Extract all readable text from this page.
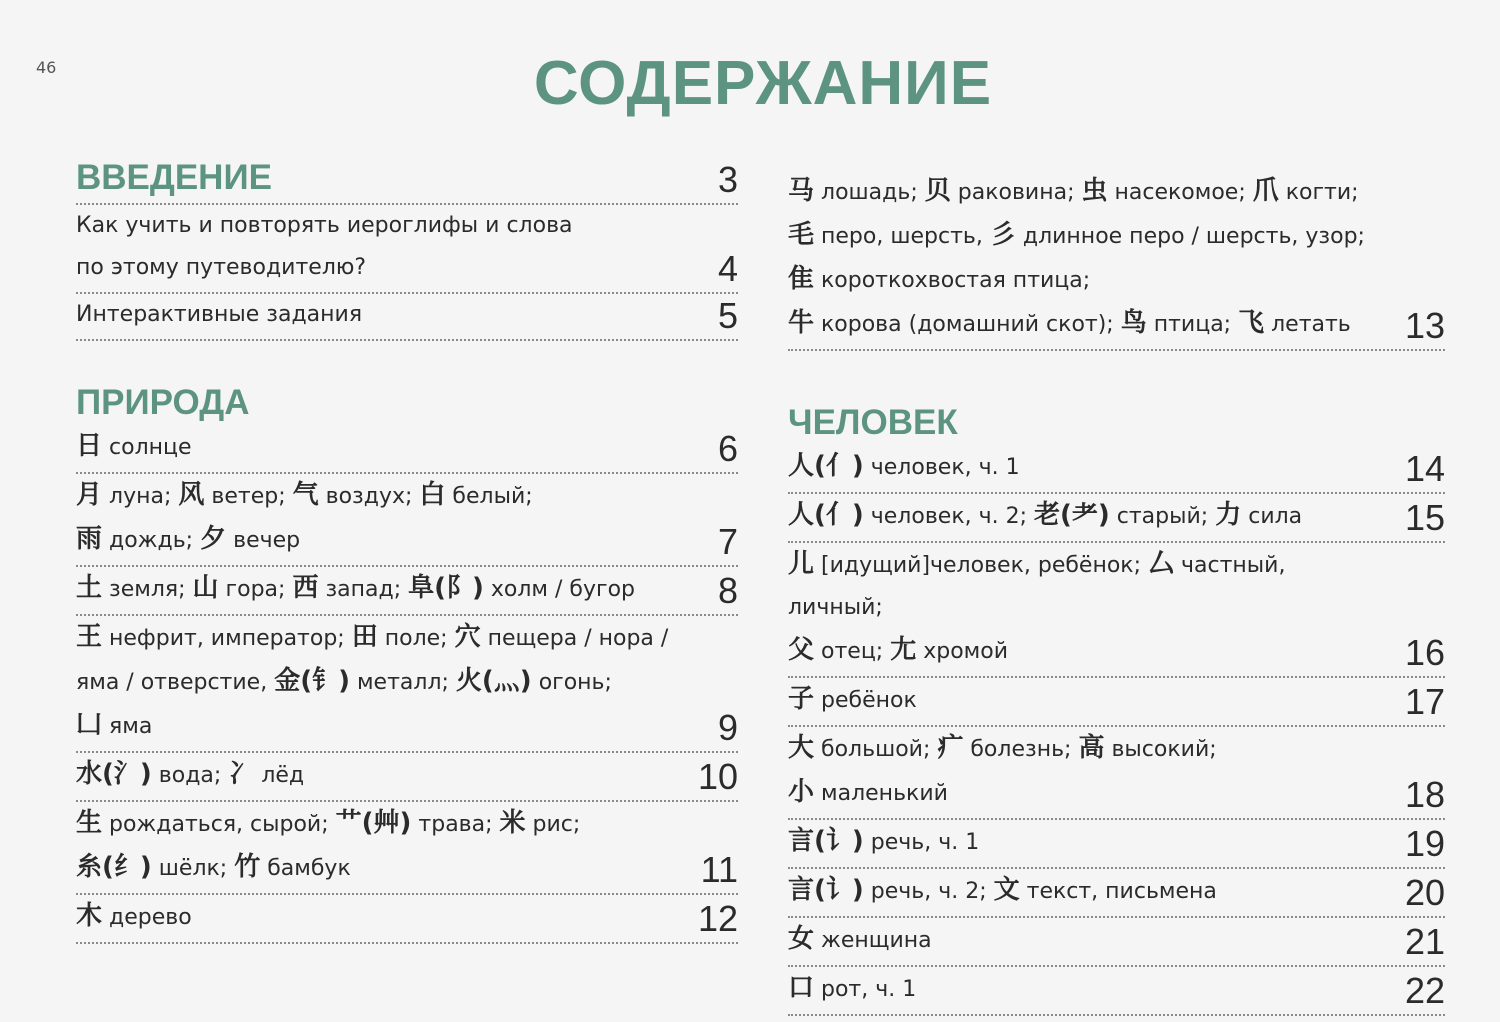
46	СОДЕРЖАНИЕ
ВВЕДЕНИЕ	3
Как учить и повторять иероглифы и слова
по этому путеводителю?	4
Интерактивные задания	5
ПРИРОДА
日 солнце	6
月 луна; 风 ветер; 气 воздух; 白 белый;
雨 дождь; 夕 вечер	7
土 земля; 山 гора; 西 запад; 阜(阝) холм / бугор	8
王 нефрит, император; 田 поле; 穴 пещера / нора /
яма / отверстие, 金(钅) металл; 火(灬) огонь;
凵 яма	9
水(氵) вода; 冫 лёд	10
生 рождаться, сырой; 艹(艸) трава; 米 рис;
糸(纟) шёлк; 竹 бамбук	11
木 дерево	12
马 лошадь; 贝 раковина; 虫 насекомое; 爪 когти;
毛 перо, шерсть, 彡 длинное перо / шерсть, узор;
隹 короткохвостая птица;
牛 корова (домашний скот); 鸟 птица; 飞 летать	13
ЧЕЛОВЕК
人(亻) человек, ч. 1	14
人(亻) человек, ч. 2; 老(耂) старый; 力 сила	15
儿 [идущий]человек, ребёнок; 厶 частный, личный;
父 отец; 尢 хромой	16
子 ребёнок	17
大 большой; 疒 болезнь; 高 высокий;
小 маленький	18
言(讠) речь, ч. 1	19
言(讠) речь, ч. 2; 文 текст, письмена	20
女 женщина	21
口 рот, ч. 1	22
